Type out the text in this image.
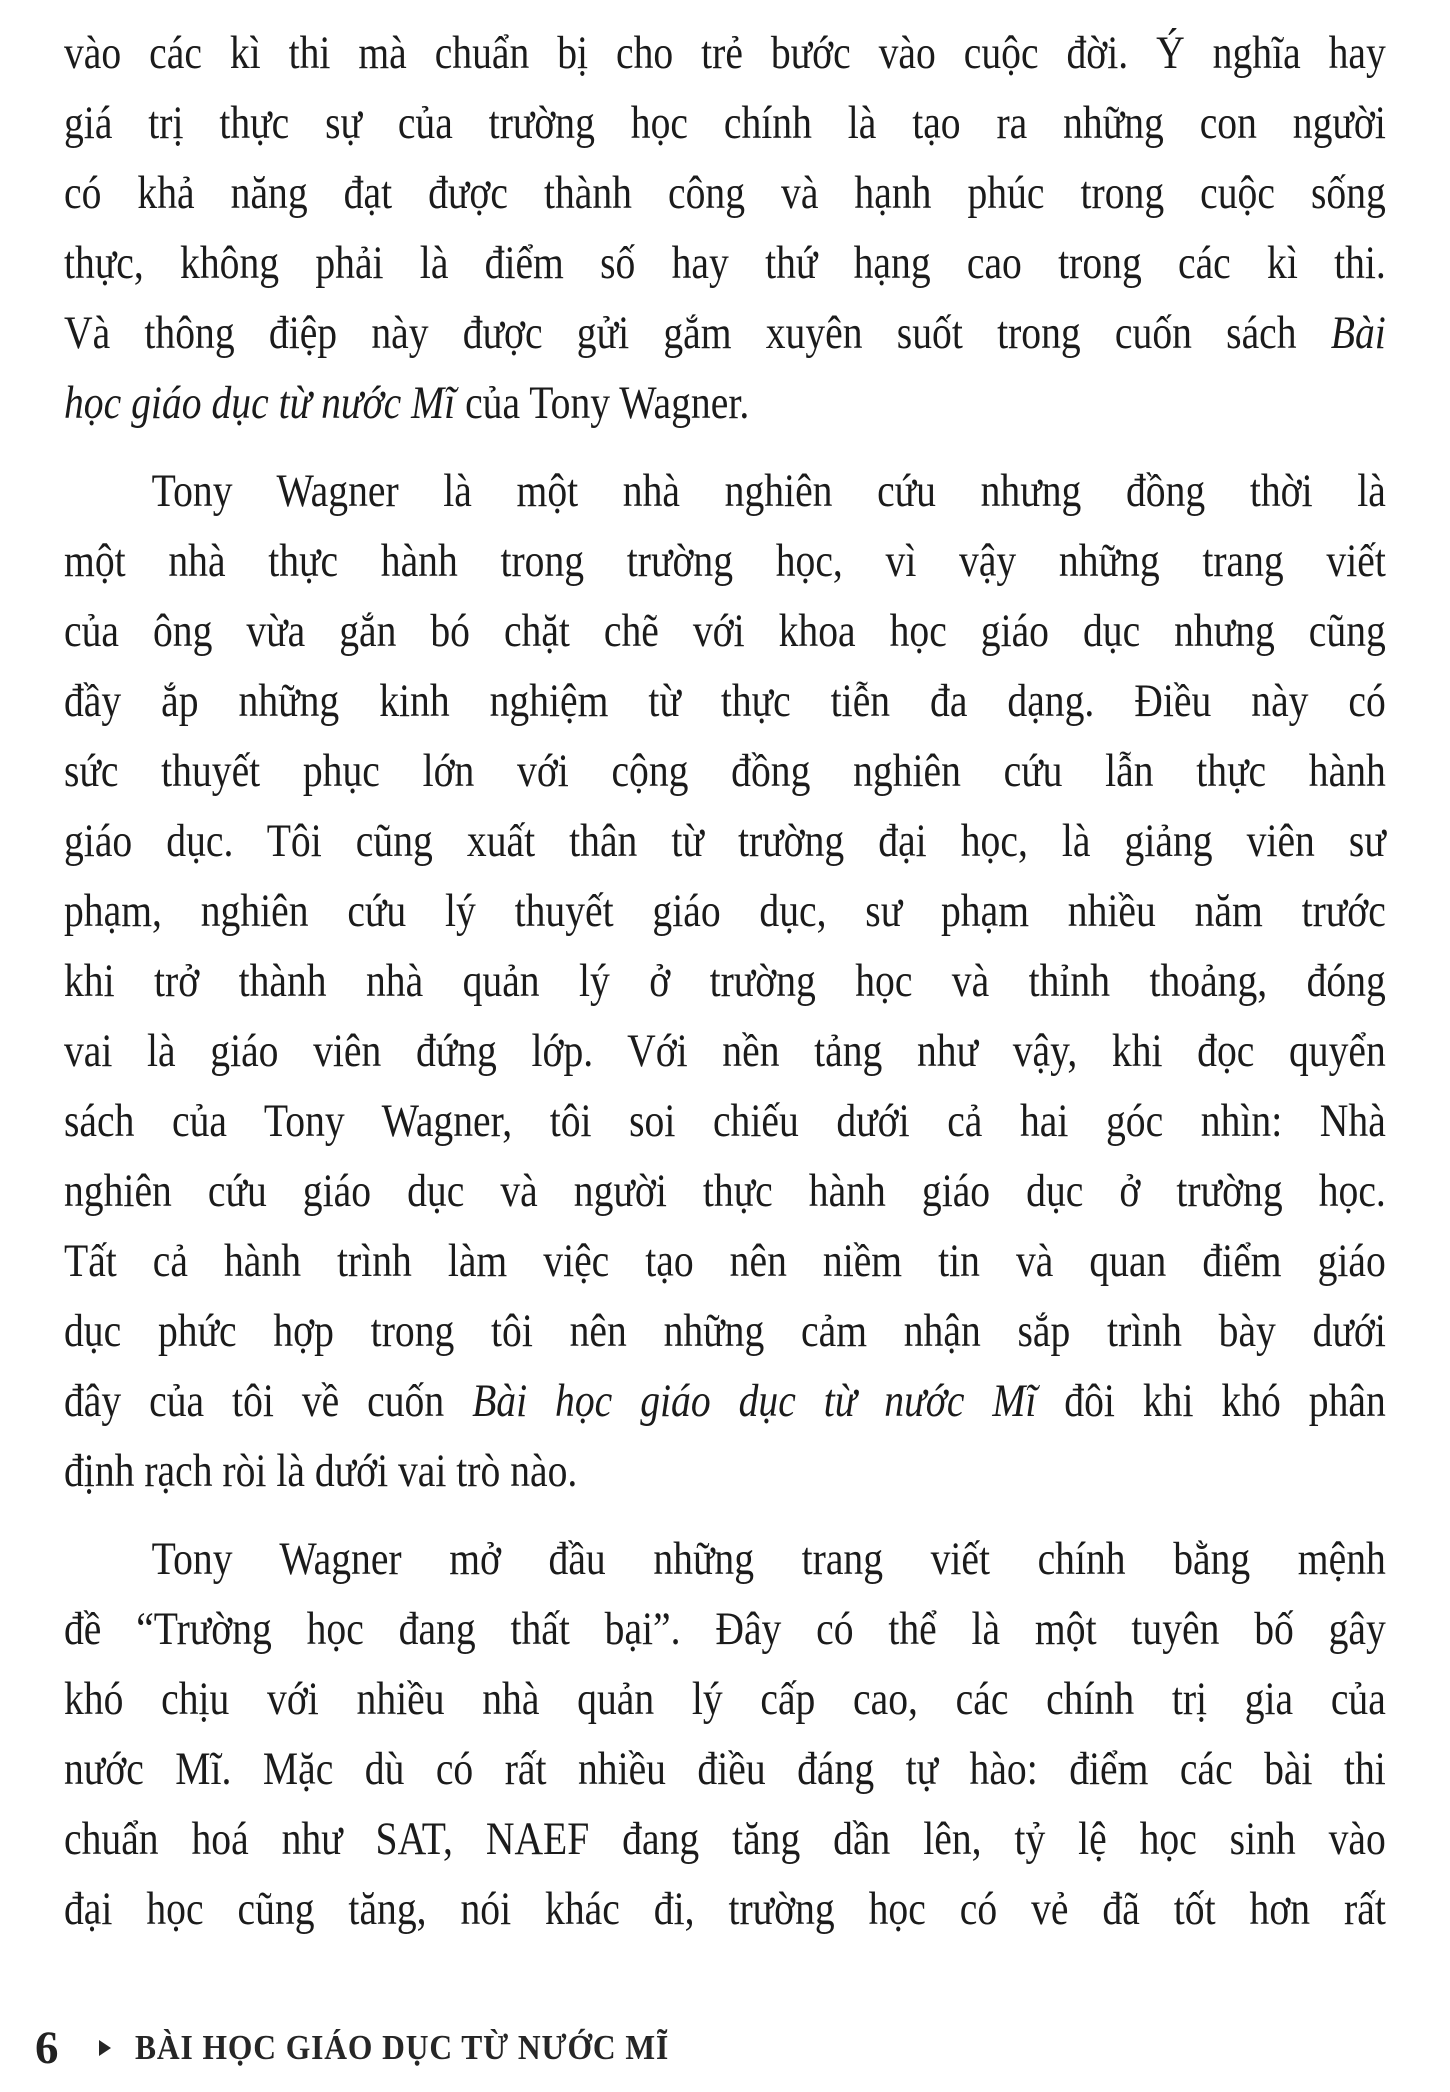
vào các kì thi mà chuẩn bị cho trẻ bước vào cuộc đời. Ý nghĩa hay
giá trị thực sự của trường học chính là tạo ra những con người
có khả năng đạt được thành công và hạnh phúc trong cuộc sống
thực, không phải là điểm số hay thứ hạng cao trong các kì thi.
Và thông điệp này được gửi gắm xuyên suốt trong cuốn sách Bài
học giáo dục từ nước Mĩ của Tony Wagner.
Tony Wagner là một nhà nghiên cứu nhưng đồng thời là
một nhà thực hành trong trường học, vì vậy những trang viết
của ông vừa gắn bó chặt chẽ với khoa học giáo dục nhưng cũng
đầy ắp những kinh nghiệm từ thực tiễn đa dạng. Điều này có
sức thuyết phục lớn với cộng đồng nghiên cứu lẫn thực hành
giáo dục. Tôi cũng xuất thân từ trường đại học, là giảng viên sư
phạm, nghiên cứu lý thuyết giáo dục, sư phạm nhiều năm trước
khi trở thành nhà quản lý ở trường học và thỉnh thoảng, đóng
vai là giáo viên đứng lớp. Với nền tảng như vậy, khi đọc quyển
sách của Tony Wagner, tôi soi chiếu dưới cả hai góc nhìn: Nhà
nghiên cứu giáo dục và người thực hành giáo dục ở trường học.
Tất cả hành trình làm việc tạo nên niềm tin và quan điểm giáo
dục phức hợp trong tôi nên những cảm nhận sắp trình bày dưới
đây của tôi về cuốn Bài học giáo dục từ nước Mĩ đôi khi khó phân
định rạch ròi là dưới vai trò nào.
Tony Wagner mở đầu những trang viết chính bằng mệnh
đề “Trường học đang thất bại”. Đây có thể là một tuyên bố gây
khó chịu với nhiều nhà quản lý cấp cao, các chính trị gia của
nước Mĩ. Mặc dù có rất nhiều điều đáng tự hào: điểm các bài thi
chuẩn hoá như SAT, NAEF đang tăng dần lên, tỷ lệ học sinh vào
đại học cũng tăng, nói khác đi, trường học có vẻ đã tốt hơn rất
6 BÀI HỌC GIÁO DỤC TỪ NƯỚC MĨ
